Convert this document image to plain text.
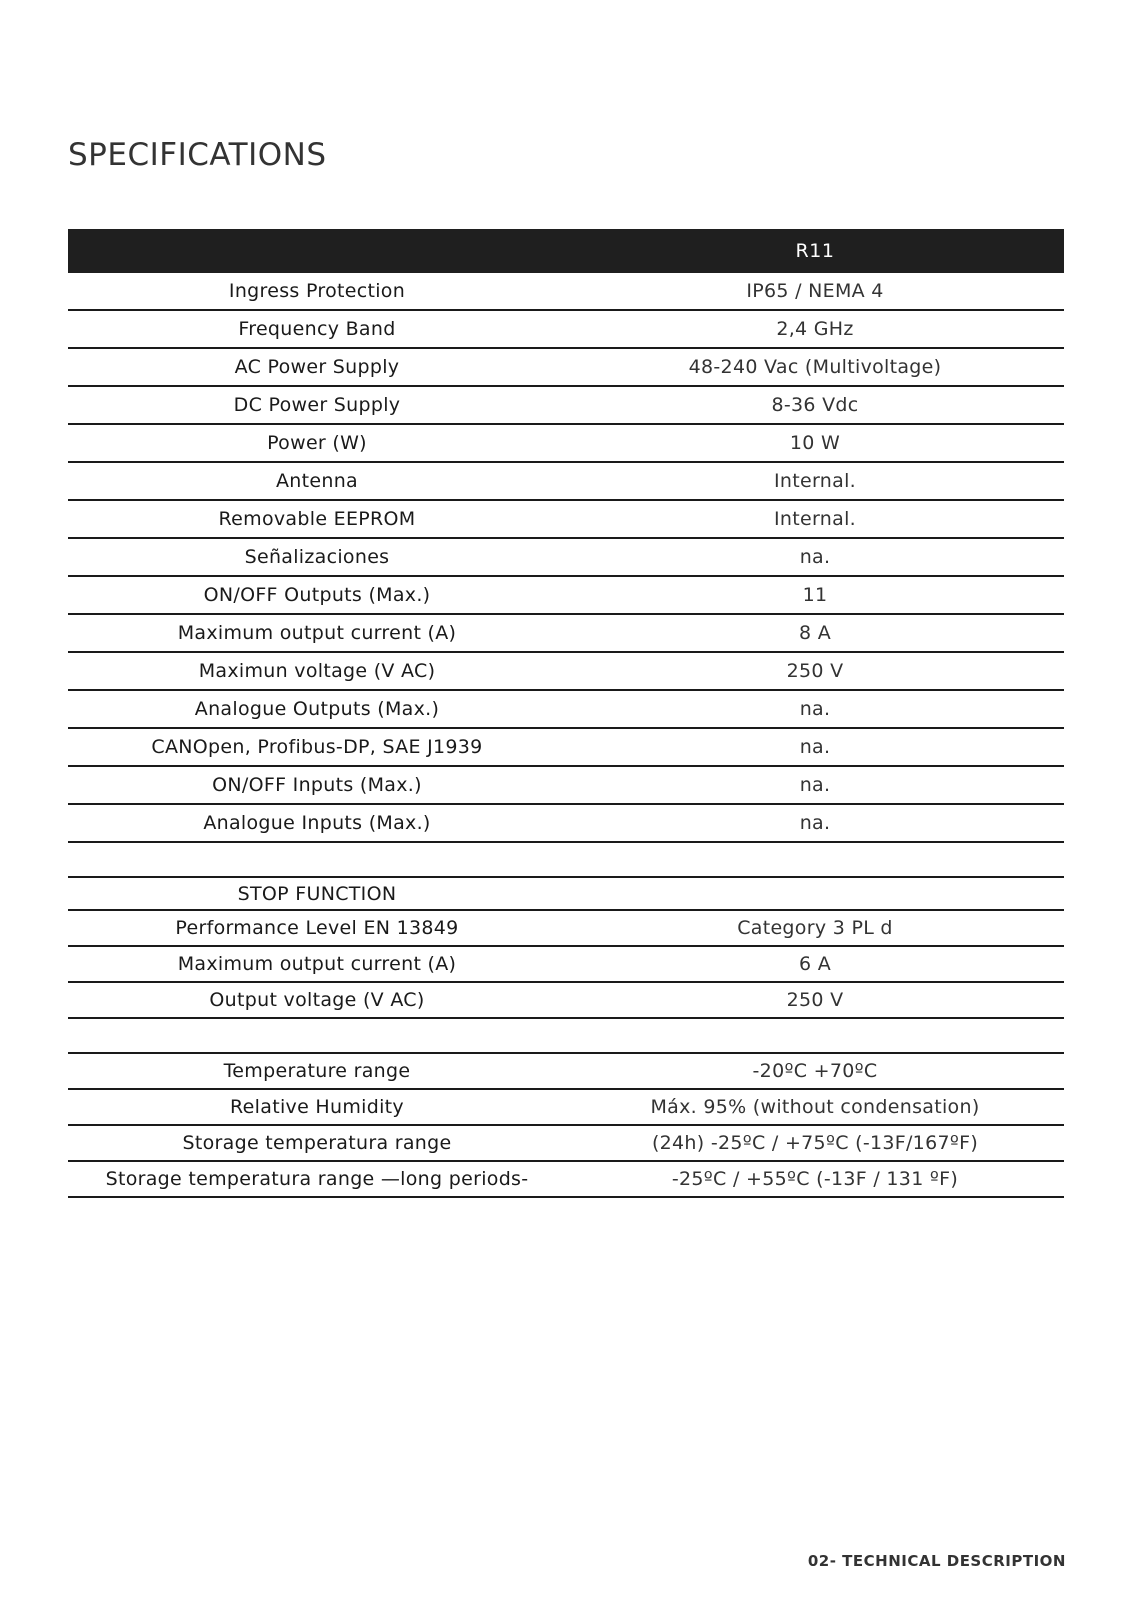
SPECIFICATIONS
	R11
Ingress Protection	IP65 / NEMA 4
Frequency Band	2,4 GHz
AC Power Supply	48-240 Vac (Multivoltage)
DC Power Supply	8-36 Vdc
Power (W)	10 W
Antenna	Internal.
Removable EEPROM	Internal.
Señalizaciones	na.
ON/OFF Outputs (Max.)	11
Maximum output current (A)	8 A
Maximun voltage (V AC)	250 V
Analogue Outputs (Max.)	na.
CANOpen, Profibus-DP, SAE J1939	na.
ON/OFF Inputs (Max.)	na.
Analogue Inputs (Max.)	na.

STOP FUNCTION	
Performance Level EN 13849	Category 3 PL d
Maximum output current (A)	6 A
Output voltage (V AC)	250 V

Temperature range	-20ºC +70ºC
Relative Humidity	Máx. 95% (without condensation)
Storage temperatura range	(24h) -25ºC / +75ºC (-13F/167ºF)
Storage temperatura range —long periods-	-25ºC / +55ºC (-13F / 131 ºF)
02- TECHNICAL DESCRIPTION
